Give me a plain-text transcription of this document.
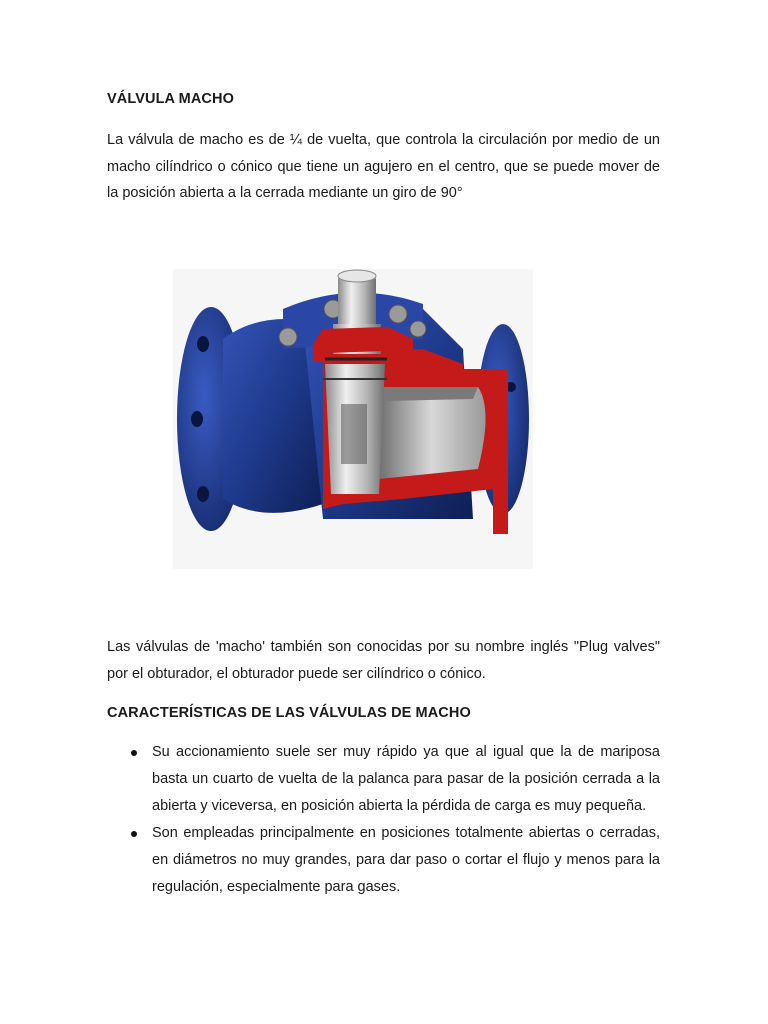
VÁLVULA MACHO
La válvula de macho es de ¼ de vuelta, que controla la circulación por medio de un macho cilíndrico o cónico que tiene un agujero en el centro, que se puede mover de la posición abierta a la cerrada mediante un giro de 90°
Las válvulas de 'macho' también son conocidas por su nombre inglés "Plug valves" por el obturador, el obturador puede ser cilíndrico o cónico.
CARACTERÍSTICAS DE LAS VÁLVULAS DE MACHO
Su accionamiento suele ser muy rápido ya que al igual que la de mariposa basta un cuarto de vuelta de la palanca para pasar de la posición cerrada a la abierta y viceversa, en posición abierta la pérdida de carga es muy pequeña.
Son empleadas principalmente en posiciones totalmente abiertas o cerradas, en diámetros no muy grandes, para dar paso o cortar el flujo y menos para la regulación, especialmente para gases.
